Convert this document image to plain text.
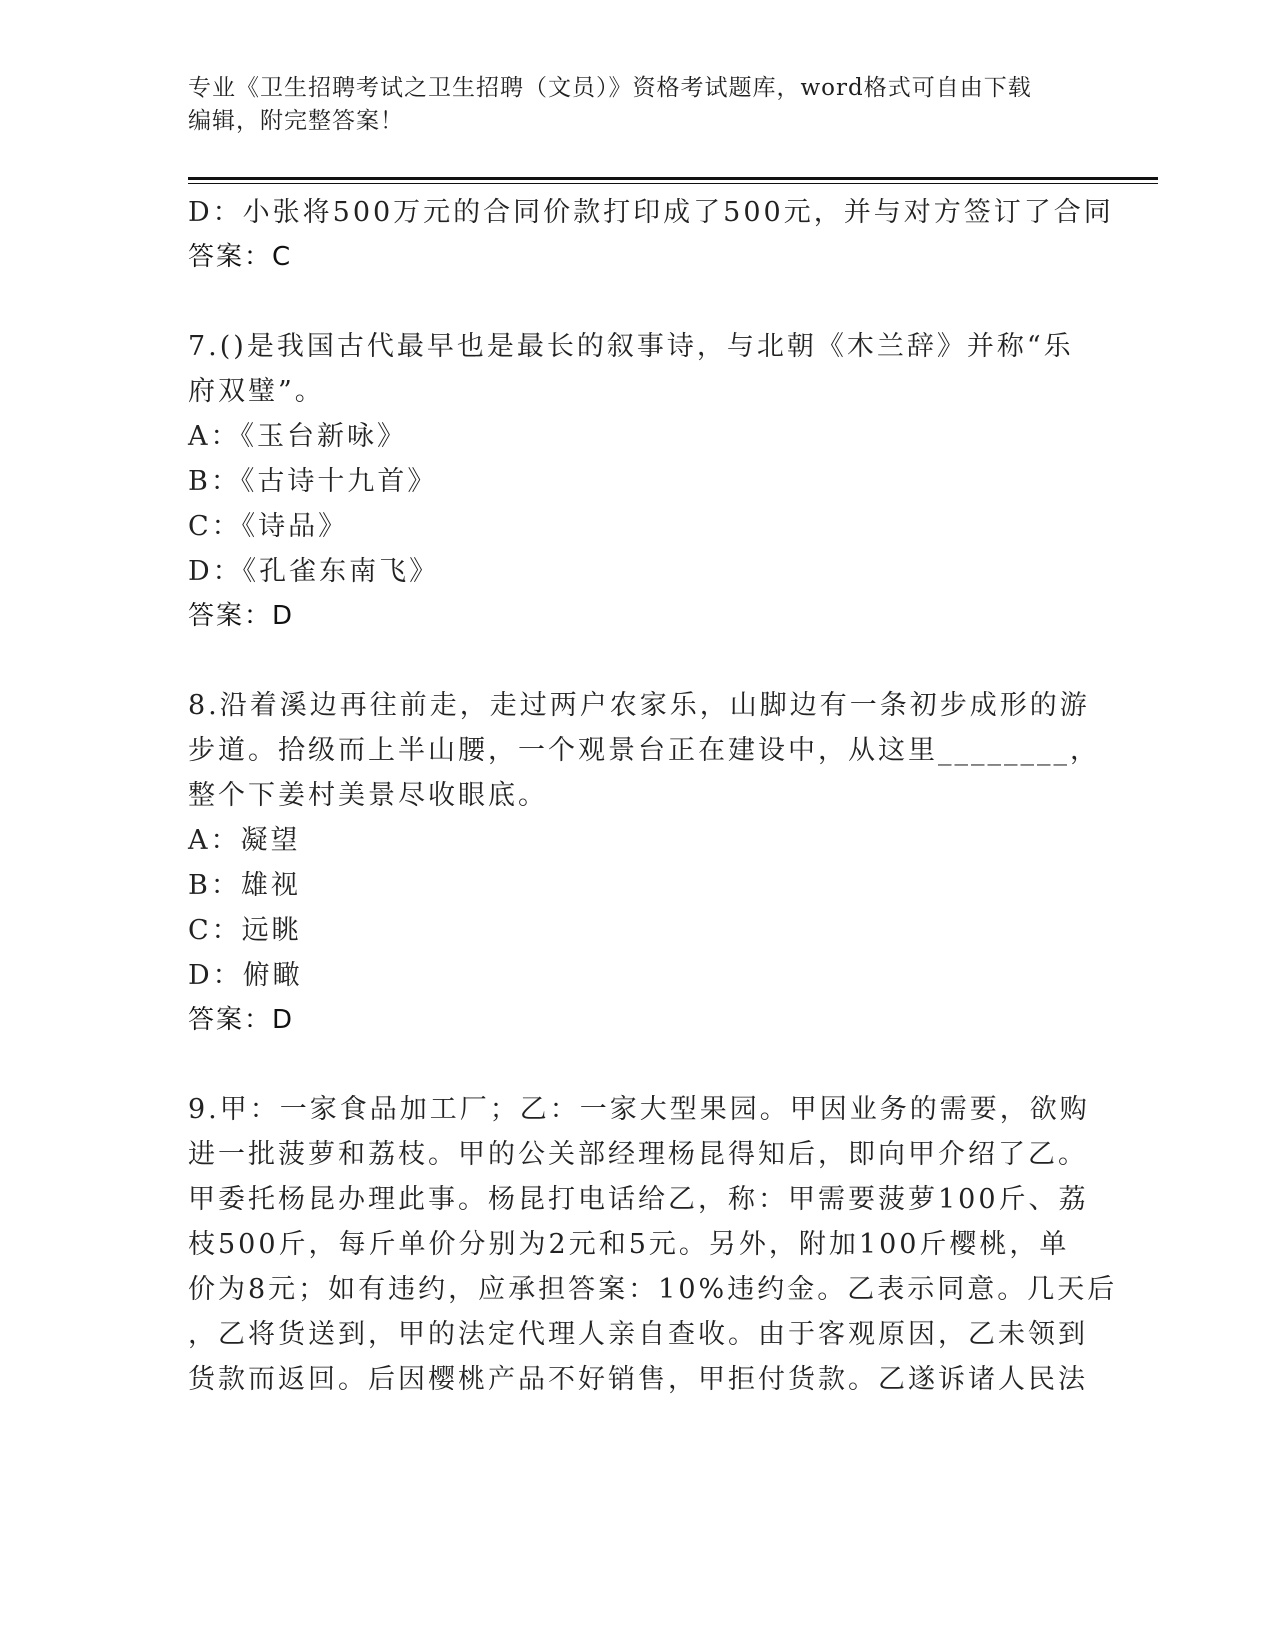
专业《卫生招聘考试之卫生招聘（文员）》资格考试题库，word格式可自由下载
编辑，附完整答案！
D：小张将500万元的合同价款打印成了500元，并与对方签订了合同
答案：C
7.()是我国古代最早也是最长的叙事诗，与北朝《木兰辞》并称“乐
府双璧”。
A：《玉台新咏》
B：《古诗十九首》
C：《诗品》
D：《孔雀东南飞》
答案：D
8.沿着溪边再往前走，走过两户农家乐，山脚边有一条初步成形的游
步道。拾级而上半山腰，一个观景台正在建设中，从这里________，
整个下姜村美景尽收眼底。
A：凝望
B：雄视
C：远眺
D：俯瞰
答案：D
9.甲：一家食品加工厂；乙：一家大型果园。甲因业务的需要，欲购
进一批菠萝和荔枝。甲的公关部经理杨昆得知后，即向甲介绍了乙。
甲委托杨昆办理此事。杨昆打电话给乙，称：甲需要菠萝100斤、荔
枝500斤，每斤单价分别为2元和5元。另外，附加100斤樱桃，单
价为8元；如有违约，应承担答案：10%违约金。乙表示同意。几天后
，乙将货送到，甲的法定代理人亲自查收。由于客观原因，乙未领到
货款而返回。后因樱桃产品不好销售，甲拒付货款。乙遂诉诸人民法
